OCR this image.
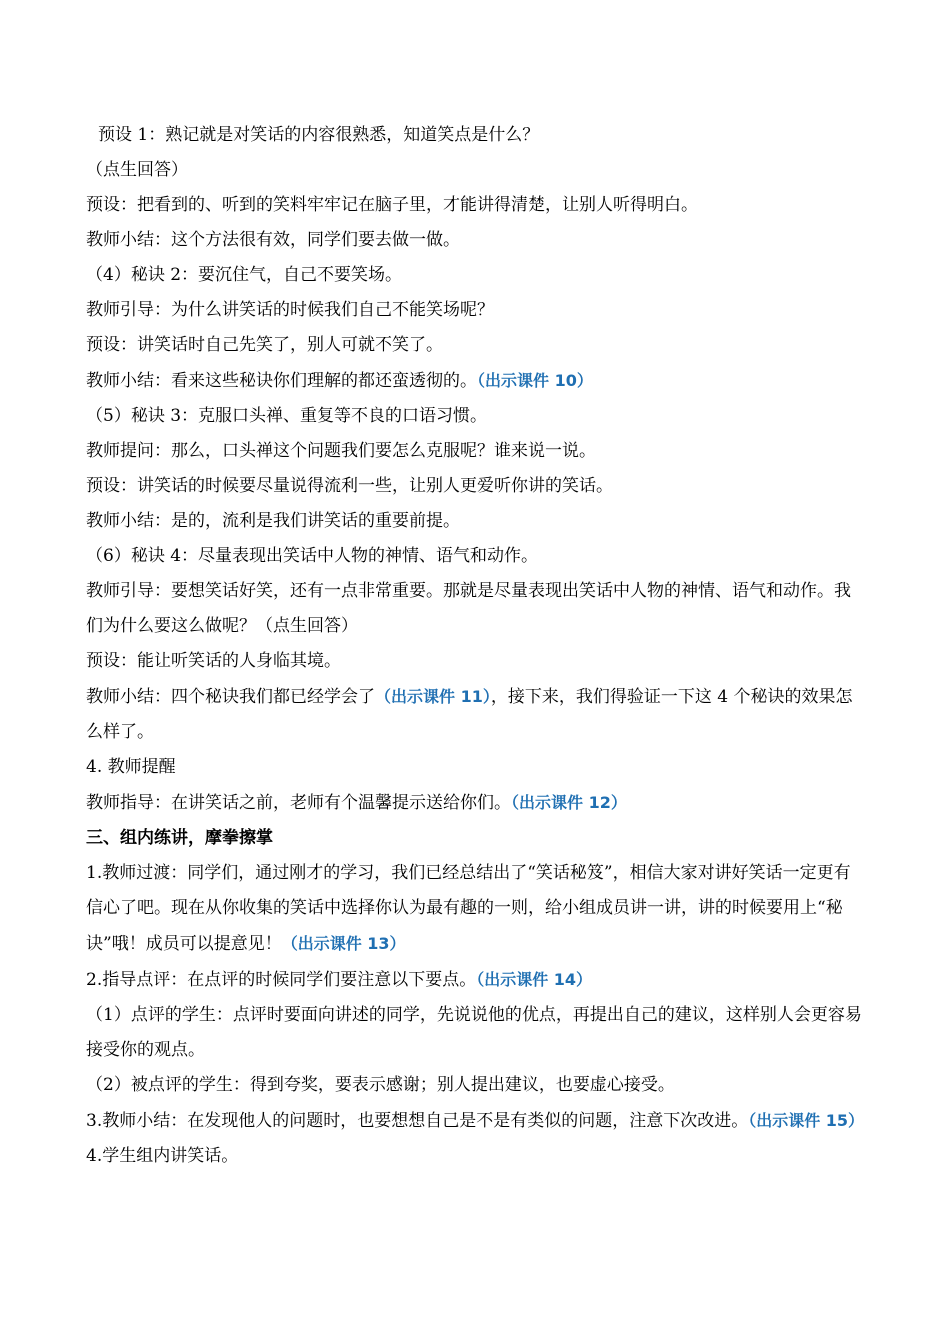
预设 1：熟记就是对笑话的内容很熟悉，知道笑点是什么？

（点生回答）

预设：把看到的、听到的笑料牢牢记在脑子里，才能讲得清楚，让别人听得明白。

教师小结：这个方法很有效，同学们要去做一做。

（4）秘诀 2：要沉住气，自己不要笑场。

教师引导：为什么讲笑话的时候我们自己不能笑场呢？

预设：讲笑话时自己先笑了，别人可就不笑了。

教师小结：看来这些秘诀你们理解的都还蛮透彻的。（出示课件 10）

（5）秘诀 3：克服口头禅、重复等不良的口语习惯。

教师提问：那么，口头禅这个问题我们要怎么克服呢？谁来说一说。

预设：讲笑话的时候要尽量说得流利一些，让别人更爱听你讲的笑话。

教师小结：是的，流利是我们讲笑话的重要前提。

（6）秘诀 4：尽量表现出笑话中人物的神情、语气和动作。

教师引导：要想笑话好笑，还有一点非常重要。那就是尽量表现出笑话中人物的神情、语气和动作。我们为什么要这么做呢？（点生回答）

预设：能让听笑话的人身临其境。

教师小结：四个秘诀我们都已经学会了（出示课件 11），接下来，我们得验证一下这 4 个秘诀的效果怎么样了。

4. 教师提醒

教师指导：在讲笑话之前，老师有个温馨提示送给你们。（出示课件 12）

三、组内练讲，摩拳擦掌

1.教师过渡：同学们，通过刚才的学习，我们已经总结出了“笑话秘笈”，相信大家对讲好笑话一定更有信心了吧。现在从你收集的笑话中选择你认为最有趣的一则，给小组成员讲一讲，讲的时候要用上“秘诀”哦！成员可以提意见！（出示课件 13）

2.指导点评：在点评的时候同学们要注意以下要点。（出示课件 14）

（1）点评的学生：点评时要面向讲述的同学，先说说他的优点，再提出自己的建议，这样别人会更容易接受你的观点。

（2）被点评的学生：得到夸奖，要表示感谢；别人提出建议，也要虚心接受。

3.教师小结：在发现他人的问题时，也要想想自己是不是有类似的问题，注意下次改进。（出示课件 15）

4.学生组内讲笑话。
